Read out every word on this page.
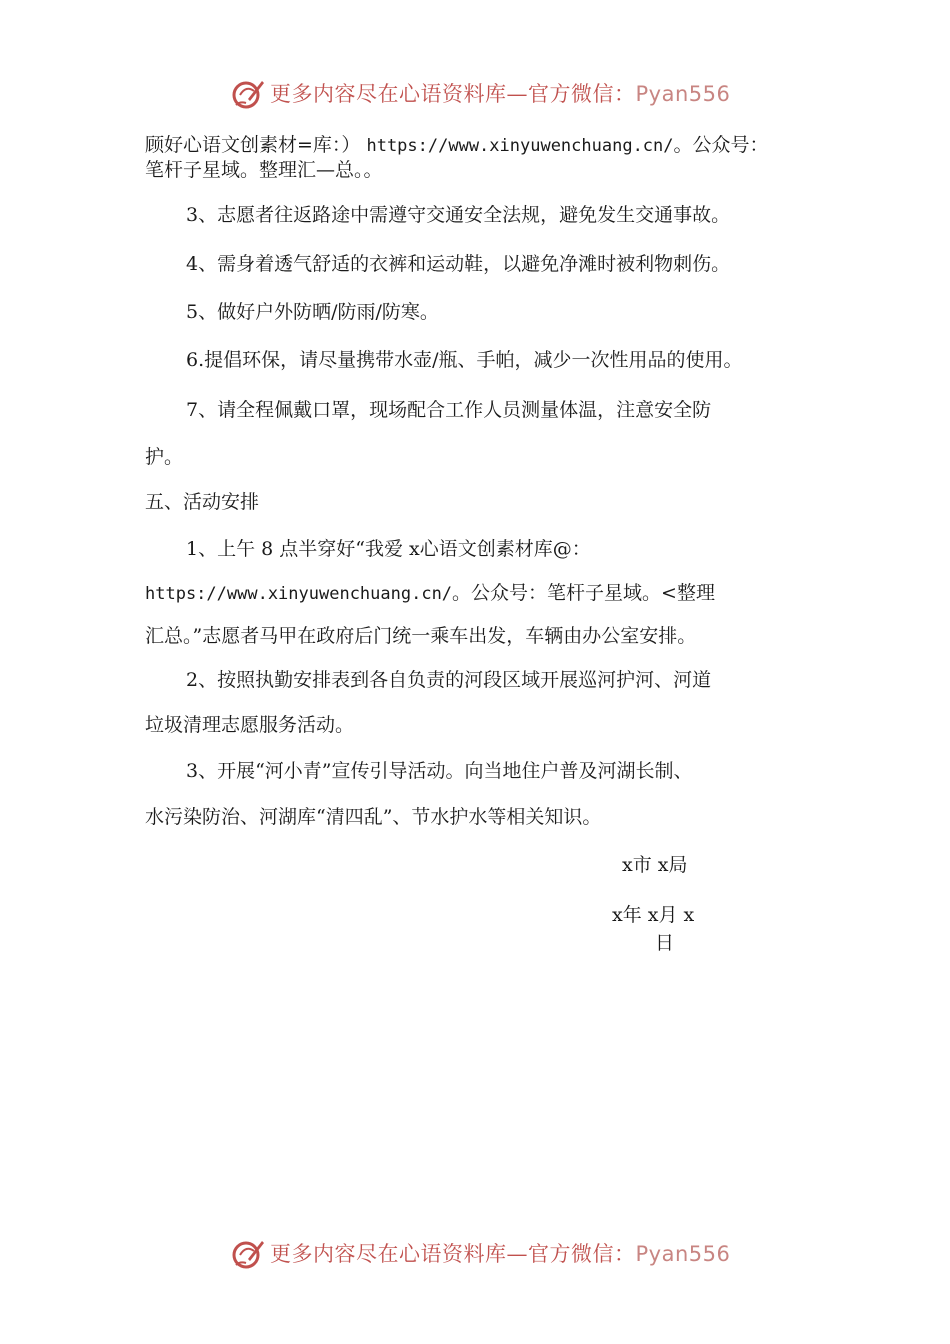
更多内容尽在心语资料库—官方微信：Pyan556
顾好心语文创素材=库：） https://www.xinyuwenchuang.cn/。公众号：
笔杆子星域。整理汇—总。。
3、志愿者往返路途中需遵守交通安全法规，避免发生交通事故。
4、需身着透气舒适的衣裤和运动鞋，以避免净滩时被利物刺伤。
5、做好户外防晒/防雨/防寒。
6.提倡环保，请尽量携带水壶/瓶、手帕，减少一次性用品的使用。
7、请全程佩戴口罩，现场配合工作人员测量体温，注意安全防
护。
五、活动安排
1、上午 8 点半穿好“我爱 x心语文创素材库@：
https://www.xinyuwenchuang.cn/。公众号：笔杆子星域。<整理
汇总。”志愿者马甲在政府后门统一乘车出发，车辆由办公室安排。
2、按照执勤安排表到各自负责的河段区域开展巡河护河、河道
垃圾清理志愿服务活动。
3、开展“河小青”宣传引导活动。向当地住户普及河湖长制、
水污染防治、河湖库“清四乱”、节水护水等相关知识。
x市 x局
x年 x月 x
日
更多内容尽在心语资料库—官方微信：Pyan556
